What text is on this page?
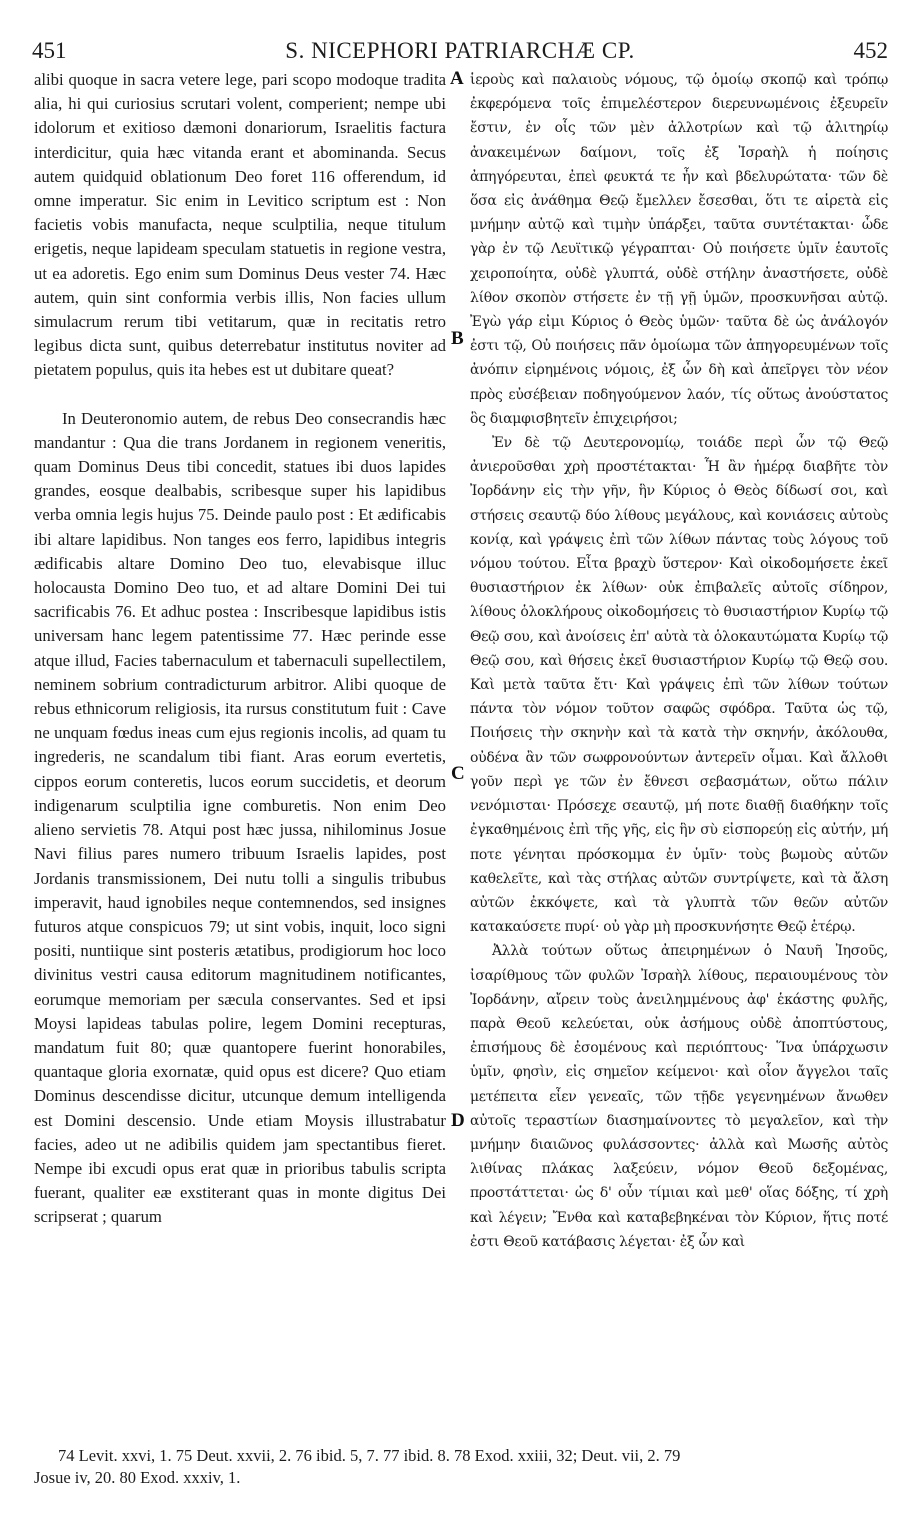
451	S. NICEPHORI PATRIARCHÆ CP.	452

alibi quoque in sacra vetere lege, pari scopo modoque tradita alia, hi qui curiosius scrutari volent, comperient; nempe ubi idolorum et exitioso dæmoni donariorum, Israelitis factura interdicitur, quia hæc vitanda erant et abominanda. Secus autem quidquid oblationum Deo foret 116 offerendum, id omne imperatur. Sic enim in Levitico scriptum est : Non facietis vobis manufacta, neque sculptilia, neque titulum erigetis, neque lapideam speculam statuetis in regione vestra, ut ea adoretis. Ego enim sum Dominus Deus vester 74. Hæc autem, quin sint conformia verbis illis, Non facies ullum simulacrum rerum tibi vetitarum, quæ in recitatis retro legibus dicta sunt, quibus deterrebatur institutus noviter ad pietatem populus, quis ita hebes est ut dubitare queat?

In Deuteronomio autem, de rebus Deo consecrandis hæc mandantur : Qua die trans Jordanem in regionem veneritis, quam Dominus Deus tibi concedit, statues ibi duos lapides grandes, eosque dealbabis, scribesque super his lapidibus verba omnia legis hujus 75. Deinde paulo post : Et ædificabis ibi altare lapidibus. Non tanges eos ferro, lapidibus integris ædificabis altare Domino Deo tuo, elevabisque illuc holocausta Domino Deo tuo, et ad altare Domini Dei tui sacrificabis 76. Et adhuc postea : Inscribesque lapidibus istis universam hanc legem patentissime 77. Hæc perinde esse atque illud, Facies tabernaculum et tabernaculi supellectilem, neminem sobrium contradicturum arbitror. Alibi quoque de rebus ethnicorum religiosis, ita rursus constitutum fuit : Cave ne unquam fœdus ineas cum ejus regionis incolis, ad quam tu ingrederis, ne scandalum tibi fiant. Aras eorum evertetis, cippos eorum conteretis, lucos eorum succidetis, et deorum indigenarum sculptilia igne comburetis. Non enim Deo alieno servietis 78. Atqui post hæc jussa, nihilominus Josue Navi filius pares numero tribuum Israelis lapides, post Jordanis transmissionem, Dei nutu tolli a singulis tribubus imperavit, haud ignobiles neque contemnendos, sed insignes futuros atque conspicuos 79; ut sint vobis, inquit, loco signi positi, nuntiique sint posteris ætatibus, prodigiorum hoc loco divinitus vestri causa editorum magnitudinem notificantes, eorumque memoriam per sæcula conservantes. Sed et ipsi Moysi lapideas tabulas polire, legem Domini recepturas, mandatum fuit 80; quæ quantopere fuerint honorabiles, quantaque gloria exornatæ, quid opus est dicere? Quo etiam Dominus descendisse dicitur, utcunque demum intelligenda est Domini descensio. Unde etiam Moysis illustrabatur facies, adeo ut ne adibilis quidem jam spectantibus fieret. Nempe ibi excudi opus erat quæ in prioribus tabulis scripta fuerant, qualiter eæ exstiterant quas in monte digitus Dei scripserat ; quarum

A
B
C
D

ἱεροὺς καὶ παλαιοὺς νόμους, τῷ ὁμοίῳ σκοπῷ καὶ τρόπῳ ἐκφερόμενα τοῖς ἐπιμελέστερον διερευνωμένοις ἐξευρεῖν ἔστιν, ἐν οἷς τῶν μὲν ἀλλοτρίων καὶ τῷ ἀλιτηρίῳ ἀνακειμένων δαίμονι, τοῖς ἐξ Ἰσραὴλ ἡ ποίησις ἀπηγόρευται, ἐπεὶ φευκτά τε ἦν καὶ βδελυρώτατα· τῶν δὲ ὅσα εἰς ἀνάθημα Θεῷ ἔμελλεν ἔσεσθαι, ὅτι τε αἱρετὰ εἰς μνήμην αὐτῷ καὶ τιμὴν ὑπάρξει, ταῦτα συντέτακται· ὧδε γὰρ ἐν τῷ Λευϊτικῷ γέγραπται· Οὐ ποιήσετε ὑμῖν ἑαυτοῖς χειροποίητα, οὐδὲ γλυπτά, οὐδὲ στήλην ἀναστήσετε, οὐδὲ λίθον σκοπὸν στήσετε ἐν τῇ γῇ ὑμῶν, προσκυνῆσαι αὐτῷ. Ἐγὼ γάρ εἰμι Κύριος ὁ Θεὸς ὑμῶν· ταῦτα δὲ ὡς ἀνάλογόν ἐστι τῷ, Οὐ ποιήσεις πᾶν ὁμοίωμα τῶν ἀπηγορευμένων τοῖς ἀνόπιν εἰρημένοις νόμοις, ἐξ ὧν δὴ καὶ ἀπεῖργει τὸν νέον πρὸς εὐσέβειαν ποδηγούμενον λαόν, τίς οὕτως ἀνούστατος ὃς διαμφισβητεῖν ἐπιχειρήσοι;

Ἐν δὲ τῷ Δευτερονομίῳ, τοιάδε περὶ ὧν τῷ Θεῷ ἀνιεροῦσθαι χρὴ προστέτακται· Ἧ ἂν ἡμέρᾳ διαβῆτε τὸν Ἰορδάνην εἰς τὴν γῆν, ἣν Κύριος ὁ Θεὸς δίδωσί σοι, καὶ στήσεις σεαυτῷ δύο λίθους μεγάλους, καὶ κονιάσεις αὐτοὺς κονίᾳ, καὶ γράψεις ἐπὶ τῶν λίθων πάντας τοὺς λόγους τοῦ νόμου τούτου. Εἶτα βραχὺ ὕστερον· Καὶ οἰκοδομήσετε ἐκεῖ θυσιαστήριον ἐκ λίθων· οὐκ ἐπιβαλεῖς αὐτοῖς σίδηρον, λίθους ὁλοκλήρους οἰκοδομήσεις τὸ θυσιαστήριον Κυρίῳ τῷ Θεῷ σου, καὶ ἀνοίσεις ἐπ' αὐτὰ τὰ ὁλοκαυτώματα Κυρίῳ τῷ Θεῷ σου, καὶ θήσεις ἐκεῖ θυσιαστήριον Κυρίῳ τῷ Θεῷ σου. Καὶ μετὰ ταῦτα ἔτι· Καὶ γράψεις ἐπὶ τῶν λίθων τούτων πάντα τὸν νόμον τοῦτον σαφῶς σφόδρα. Ταῦτα ὡς τῷ, Ποιήσεις τὴν σκηνὴν καὶ τὰ κατὰ τὴν σκηνήν, ἀκόλουθα, οὐδένα ἂν τῶν σωφρονούντων ἀντερεῖν οἶμαι. Καὶ ἄλλοθι γοῦν περὶ γε τῶν ἐν ἔθνεσι σεβασμάτων, οὕτω πάλιν νενόμισται· Πρόσεχε σεαυτῷ, μή ποτε διαθῇ διαθήκην τοῖς ἐγκαθημένοις ἐπὶ τῆς γῆς, εἰς ἣν σὺ εἰσπορεύῃ εἰς αὐτήν, μή ποτε γένηται πρόσκομμα ἐν ὑμῖν· τοὺς βωμοὺς αὐτῶν καθελεῖτε, καὶ τὰς στήλας αὐτῶν συντρίψετε, καὶ τὰ ἄλση αὐτῶν ἐκκόψετε, καὶ τὰ γλυπτὰ τῶν θεῶν αὐτῶν κατακαύσετε πυρί· οὐ γὰρ μὴ προσκυνήσητε Θεῷ ἑτέρῳ.

Ἀλλὰ τούτων οὕτως ἀπειρημένων ὁ Ναυῆ Ἰησοῦς, ἰσαρίθμους τῶν φυλῶν Ἰσραὴλ λίθους, περαιουμένους τὸν Ἰορδάνην, αἴρειν τοὺς ἀνειλημμένους ἀφ' ἑκάστης φυλῆς, παρὰ Θεοῦ κελεύεται, οὐκ ἀσήμους οὐδὲ ἀποπτύστους, ἐπισήμους δὲ ἐσομένους καὶ περιόπτους· Ἵνα ὑπάρχωσιν ὑμῖν, φησὶν, εἰς σημεῖον κείμενοι· καὶ οἷον ἄγγελοι ταῖς μετέπειτα εἶεν γενεαῖς, τῶν τῇδε γεγενημένων ἄνωθεν αὐτοῖς τεραστίων διασημαίνοντες τὸ μεγαλεῖον, καὶ τὴν μνήμην διαιῶνος φυλάσσοντες· ἀλλὰ καὶ Μωσῆς αὐτὸς λιθίνας πλάκας λαξεύειν, νόμον Θεοῦ δεξομένας, προστάττεται· ὡς δ' οὖν τίμιαι καὶ μεθ' οἵας δόξης, τί χρὴ καὶ λέγειν; Ἔνθα καὶ καταβεβηκέναι τὸν Κύριον, ἥτις ποτέ ἐστι Θεοῦ κατάβασις λέγεται· ἐξ ὧν καὶ

74 Levit. xxvi, 1. 75 Deut. xxvii, 2. 76 ibid. 5, 7. 77 ibid. 8. 78 Exod. xxiii, 32; Deut. vii, 2. 79

Josue iv, 20. 80 Exod. xxxiv, 1.
